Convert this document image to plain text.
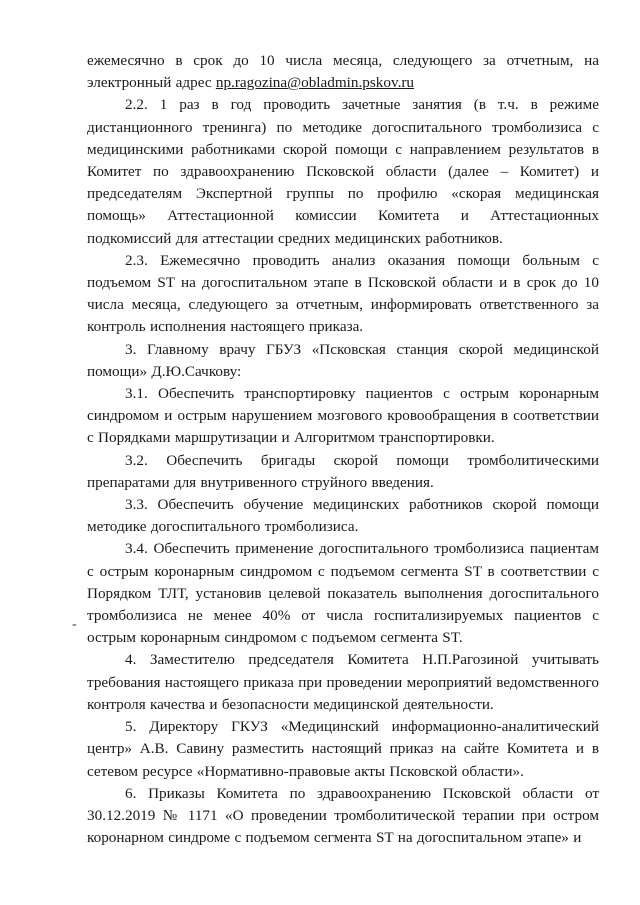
ежемесячно в срок до 10 числа месяца, следующего за отчетным, на электронный адрес np.ragozina@obladmin.pskov.ru

2.2. 1 раз в год проводить зачетные занятия (в т.ч. в режиме дистанционного тренинга) по методике догоспитального тромболизиса с медицинскими работниками скорой помощи с направлением результатов в Комитет по здравоохранению Псковской области (далее – Комитет) и председателям Экспертной группы по профилю «скорая медицинская помощь» Аттестационной комиссии Комитета и Аттестационных подкомиссий для аттестации средних медицинских работников.

2.3. Ежемесячно проводить анализ оказания помощи больным с подъемом ST на догоспитальном этапе в Псковской области и в срок до 10 числа месяца, следующего за отчетным, информировать ответственного за контроль исполнения настоящего приказа.

3. Главному врачу ГБУЗ «Псковская станция скорой медицинской помощи» Д.Ю.Сачкову:

3.1. Обеспечить транспортировку пациентов с острым коронарным синдромом и острым нарушением мозгового кровообращения в соответствии с Порядками маршрутизации и Алгоритмом транспортировки.

3.2. Обеспечить бригады скорой помощи тромболитическими препаратами для внутривенного струйного введения.

3.3. Обеспечить обучение медицинских работников скорой помощи методике догоспитального тромболизиса.

3.4. Обеспечить применение догоспитального тромболизиса пациентам с острым коронарным синдромом с подъемом сегмента ST в соответствии с Порядком ТЛТ, установив целевой показатель выполнения догоспитального тромболизиса не менее 40% от числа госпитализируемых пациентов с острым коронарным синдромом с подъемом сегмента ST.

4. Заместителю председателя Комитета Н.П.Рагозиной учитывать требования настоящего приказа при проведении мероприятий ведомственного контроля качества и безопасности медицинской деятельности.

5. Директору ГКУЗ «Медицинский информационно-аналитический центр» А.В. Савину разместить настоящий приказ на сайте Комитета и в сетевом ресурсе «Нормативно-правовые акты Псковской области».

6. Приказы Комитета по здравоохранению Псковской области от 30.12.2019 № 1171 «О проведении тромболитической терапии при остром коронарном синдроме с подъемом сегмента ST на догоспитальном этапе» и

-
